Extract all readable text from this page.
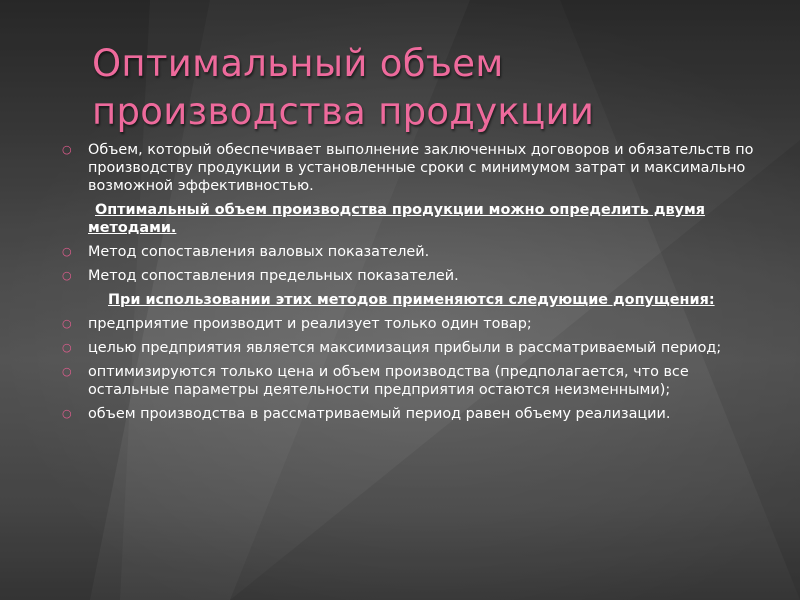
Оптимальный объем производства продукции
○ Объем, который обеспечивает выполнение заключенных договоров и обязательств по производству продукции в установленные сроки с минимумом затрат и максимально возможной эффективностью.
Оптимальный объем производства продукции можно определить двумя методами.
○ Метод сопоставления валовых показателей.
○ Метод сопоставления предельных показателей.
При использовании этих методов применяются следующие допущения:
○ предприятие производит и реализует только один товар;
○ целью предприятия является максимизация прибыли в рассматриваемый период;
○ оптимизируются только цена и объем производства (предполагается, что все остальные параметры деятельности предприятия остаются неизменными);
○ объем производства в рассматриваемый период равен объему реализации.
